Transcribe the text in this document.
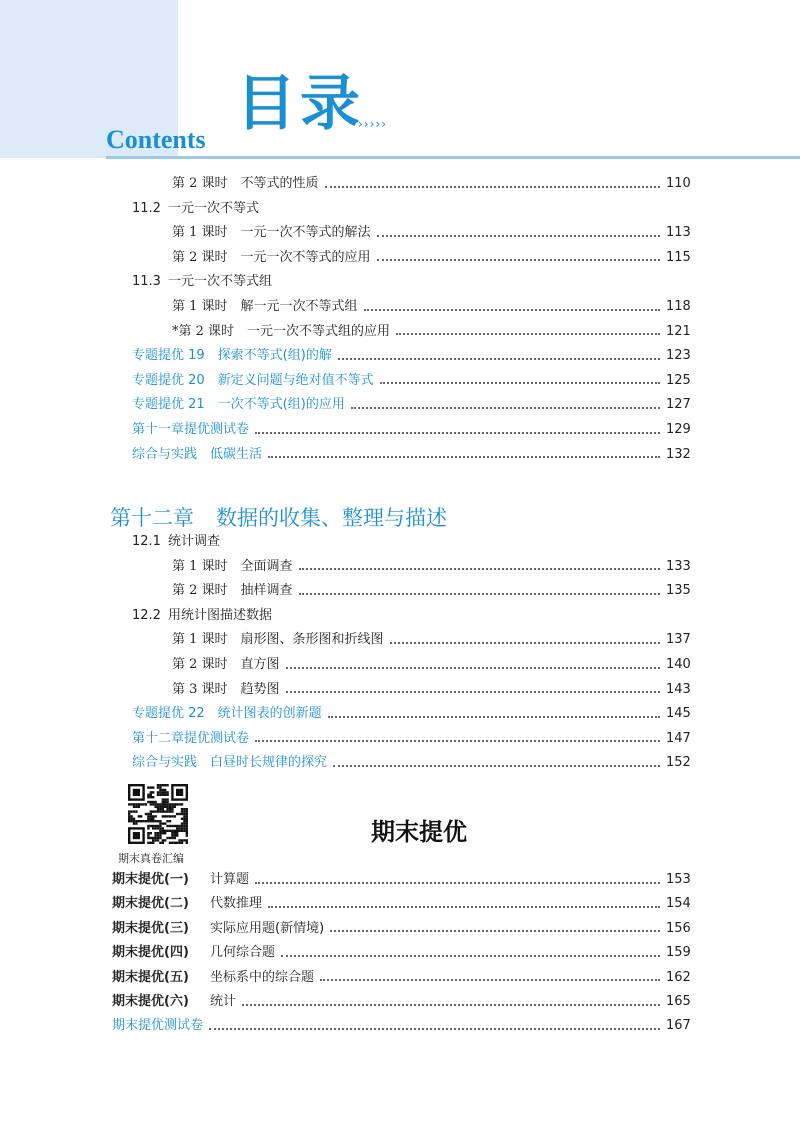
目录
›››››
Contents
第 2 课时　不等式的性质	110
11.2 一元一次不等式
第 1 课时　一元一次不等式的解法	113
第 2 课时　一元一次不等式的应用	115
11.3 一元一次不等式组
第 1 课时　解一元一次不等式组	118
*第 2 课时　一元一次不等式组的应用	121
专题提优 19　探索不等式(组)的解	123
专题提优 20　新定义问题与绝对值不等式	125
专题提优 21　一次不等式(组)的应用	127
第十一章提优测试卷	129
综合与实践　低碳生活	132
第十二章 数据的收集、整理与描述
12.1 统计调查
第 1 课时　全面调查	133
第 2 课时　抽样调查	135
12.2 用统计图描述数据
第 1 课时　扇形图、条形图和折线图	137
第 2 课时　直方图	140
第 3 课时　趋势图	143
专题提优 22　统计图表的创新题	145
第十二章提优测试卷	147
综合与实践　白昼时长规律的探究	152
期末真卷汇编
期末提优
期末提优(一)	计算题	153
期末提优(二)	代数推理	154
期末提优(三)	实际应用题(新情境)	156
期末提优(四)	几何综合题	159
期末提优(五)	坐标系中的综合题	162
期末提优(六)	统计	165
期末提优测试卷	167
